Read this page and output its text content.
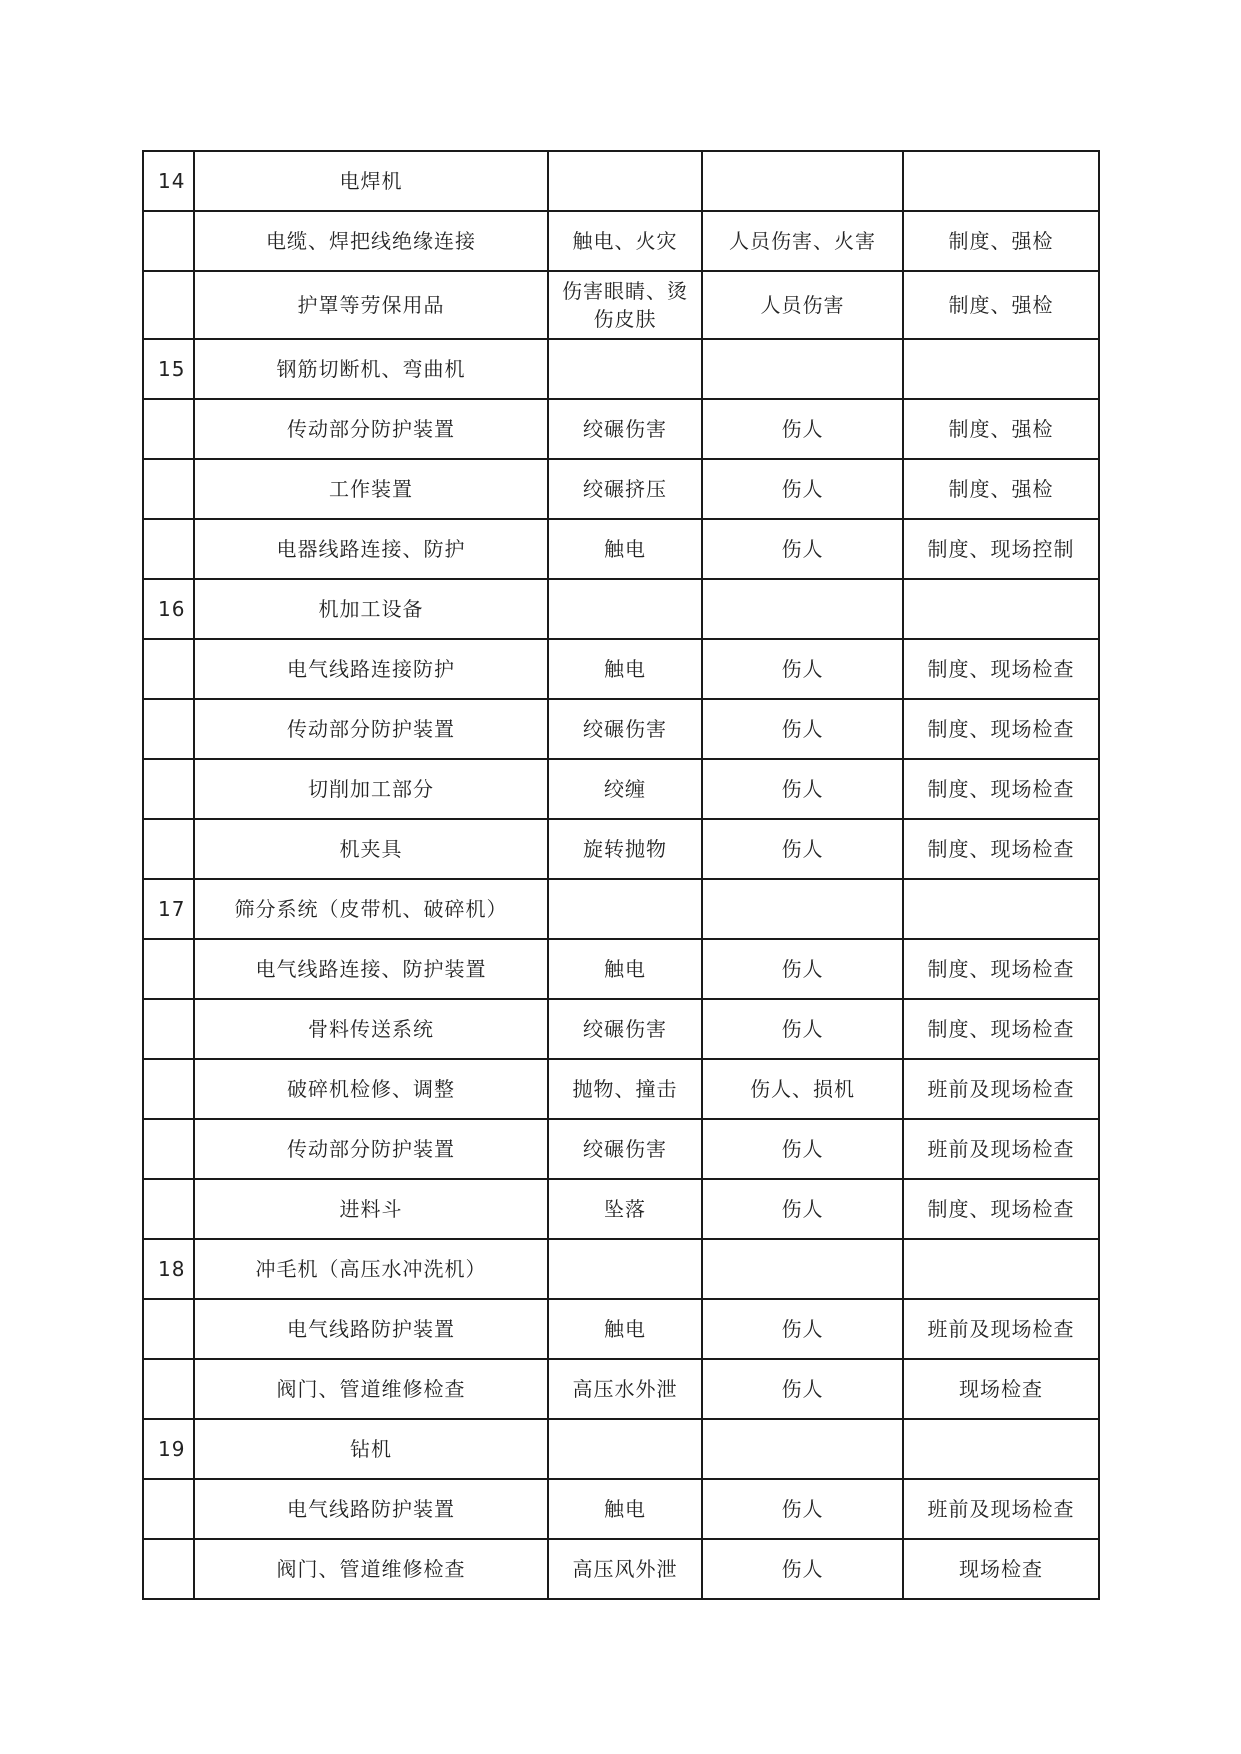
14	电焊机			
	电缆、焊把线绝缘连接	触电、火灾	人员伤害、火害	制度、强检
	护罩等劳保用品	伤害眼睛、烫伤皮肤	人员伤害	制度、强检
15	钢筋切断机、弯曲机			
	传动部分防护装置	绞碾伤害	伤人	制度、强检
	工作装置	绞碾挤压	伤人	制度、强检
	电器线路连接、防护	触电	伤人	制度、现场控制
16	机加工设备			
	电气线路连接防护	触电	伤人	制度、现场检查
	传动部分防护装置	绞碾伤害	伤人	制度、现场检查
	切削加工部分	绞缠	伤人	制度、现场检查
	机夹具	旋转抛物	伤人	制度、现场检查
17	筛分系统（皮带机、破碎机）			
	电气线路连接、防护装置	触电	伤人	制度、现场检查
	骨料传送系统	绞碾伤害	伤人	制度、现场检查
	破碎机检修、调整	抛物、撞击	伤人、损机	班前及现场检查
	传动部分防护装置	绞碾伤害	伤人	班前及现场检查
	进料斗	坠落	伤人	制度、现场检查
18	冲毛机（高压水冲洗机）			
	电气线路防护装置	触电	伤人	班前及现场检查
	阀门、管道维修检查	高压水外泄	伤人	现场检查
19	钻机			
	电气线路防护装置	触电	伤人	班前及现场检查
	阀门、管道维修检查	高压风外泄	伤人	现场检查
